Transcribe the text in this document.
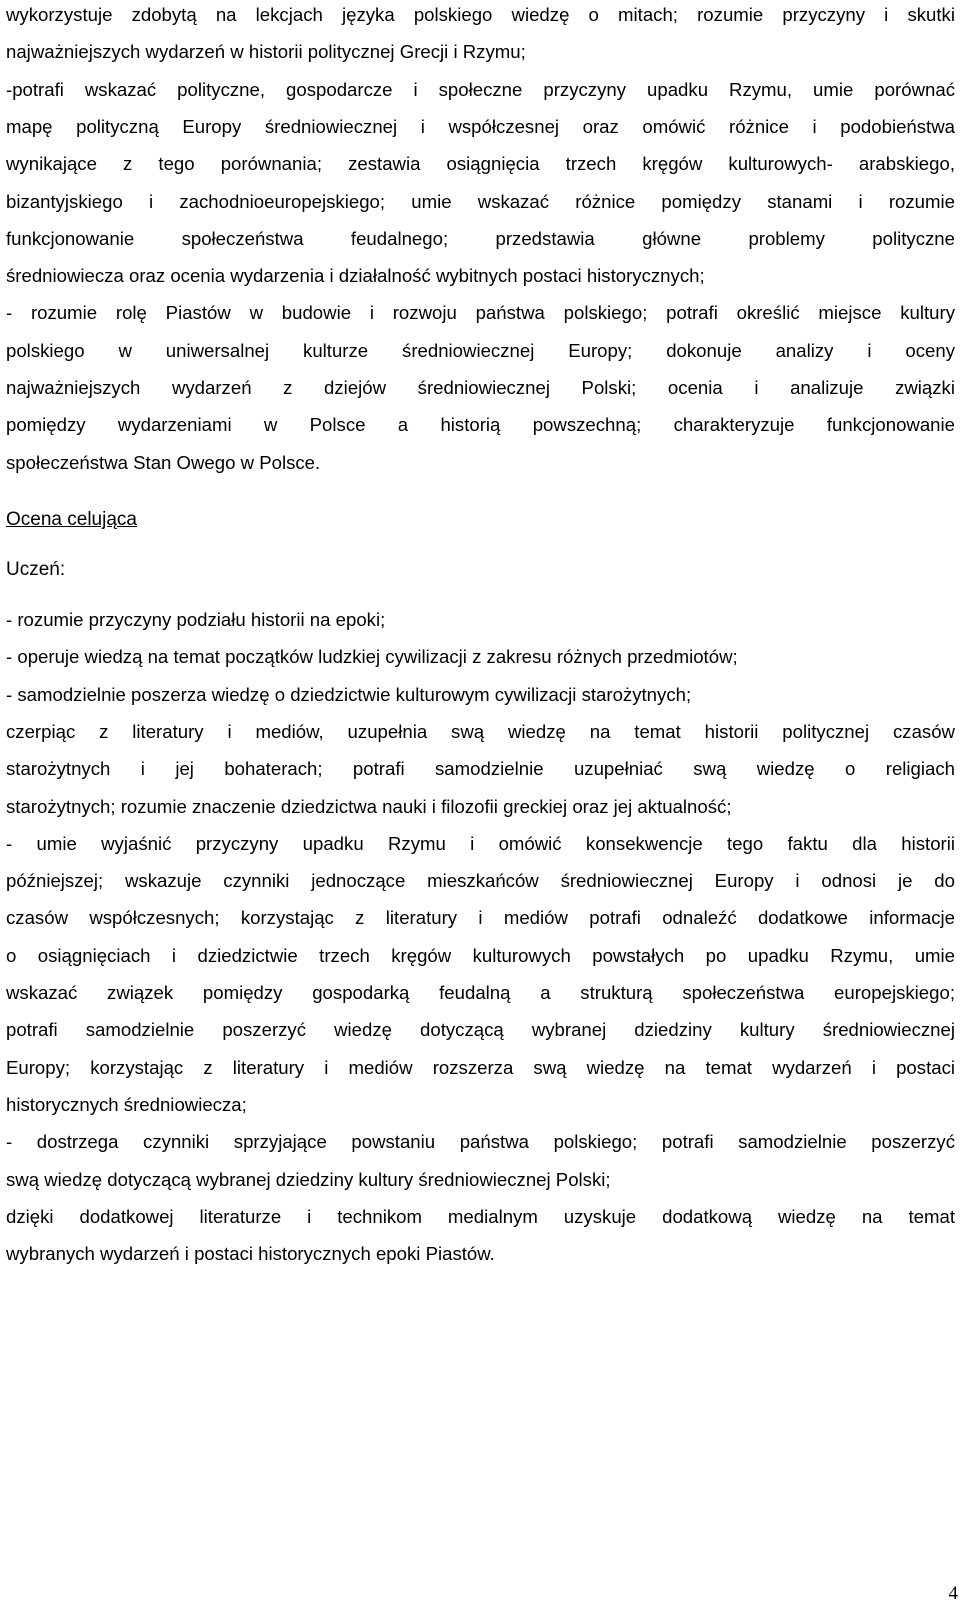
wykorzystuje zdobytą na lekcjach języka polskiego wiedzę o mitach; rozumie przyczyny i skutki
najważniejszych wydarzeń w historii politycznej Grecji i Rzymu;
-potrafi wskazać polityczne, gospodarcze i społeczne przyczyny upadku Rzymu, umie porównać
mapę polityczną Europy średniowiecznej i współczesnej oraz omówić różnice i podobieństwa
wynikające z tego porównania; zestawia osiągnięcia trzech kręgów kulturowych- arabskiego,
bizantyjskiego i zachodnioeuropejskiego; umie wskazać różnice pomiędzy stanami i rozumie
funkcjonowanie społeczeństwa feudalnego; przedstawia główne problemy polityczne
średniowiecza oraz ocenia wydarzenia i działalność wybitnych postaci historycznych;
- rozumie rolę Piastów w budowie i rozwoju państwa polskiego; potrafi określić miejsce kultury
polskiego w uniwersalnej kulturze średniowiecznej Europy; dokonuje analizy i oceny
najważniejszych wydarzeń z dziejów średniowiecznej Polski; ocenia i analizuje związki
pomiędzy wydarzeniami w Polsce a historią powszechną; charakteryzuje funkcjonowanie
społeczeństwa Stan Owego w Polsce.
Ocena celująca
Uczeń:
- rozumie przyczyny podziału historii na epoki;
- operuje wiedzą na temat początków ludzkiej cywilizacji z zakresu różnych przedmiotów;
- samodzielnie poszerza wiedzę o dziedzictwie kulturowym cywilizacji starożytnych;
czerpiąc z literatury i mediów, uzupełnia swą wiedzę na temat historii politycznej czasów
starożytnych i jej bohaterach; potrafi samodzielnie uzupełniać swą wiedzę o religiach
starożytnych; rozumie znaczenie dziedzictwa nauki i filozofii greckiej oraz jej aktualność;
- umie wyjaśnić przyczyny upadku Rzymu i omówić konsekwencje tego faktu dla historii
późniejszej; wskazuje czynniki jednoczące mieszkańców średniowiecznej Europy i odnosi je do
czasów współczesnych; korzystając z literatury i mediów potrafi odnaleźć dodatkowe informacje
o osiągnięciach i dziedzictwie trzech kręgów kulturowych powstałych po upadku Rzymu, umie
wskazać związek pomiędzy gospodarką feudalną a strukturą społeczeństwa europejskiego;
potrafi samodzielnie poszerzyć wiedzę dotyczącą wybranej dziedziny kultury średniowiecznej
Europy; korzystając z literatury i mediów rozszerza swą wiedzę na temat wydarzeń i postaci
historycznych średniowiecza;
- dostrzega czynniki sprzyjające powstaniu państwa polskiego; potrafi samodzielnie poszerzyć
swą wiedzę dotyczącą wybranej dziedziny kultury średniowiecznej Polski;
dzięki dodatkowej literaturze i technikom medialnym uzyskuje dodatkową wiedzę na temat
wybranych wydarzeń i postaci historycznych epoki Piastów.
4
